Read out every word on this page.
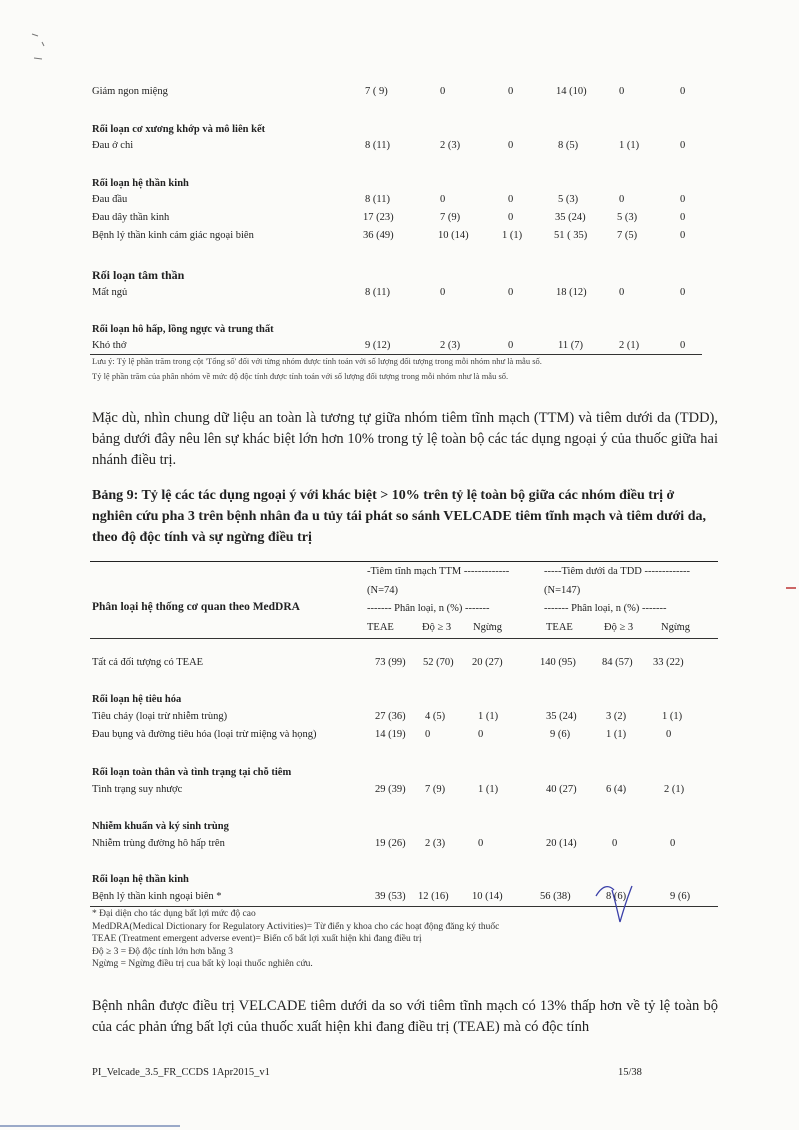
Giảm ngon miệng	7 ( 9)	0	0	14 (10)	0	0
Rối loạn cơ xương khớp và mô liên kết
Đau ở chi	8 (11)	2 (3)	0	8 (5)	1 (1)	0
Rối loạn hệ thần kinh
Đau đầu	8 (11)	0	0	5 (3)	0	0
Đau dây thần kinh	17 (23)	7 (9)	0	35 (24)	5 (3)	0
Bệnh lý thần kinh cảm giác ngoại biên	36 (49)	10 (14)	1 (1)	51 ( 35)	7 (5)	0
Rối loạn tâm thần
Mất ngủ	8 (11)	0	0	18 (12)	0	0
Rối loạn hô hấp, lồng ngực và trung thất
Khó thở	9 (12)	2 (3)	0	11 (7)	2 (1)	0
Lưu ý: Tỷ lệ phần trăm trong cột 'Tổng số' đối với từng nhóm được tính toán với số lượng đối tượng trong mỗi nhóm như là mẫu số.
Tỷ lệ phần trăm của phân nhóm về mức độ độc tính được tính toán với số lượng đối tượng trong mỗi nhóm như là mẫu số.
Mặc dù, nhìn chung dữ liệu an toàn là tương tự giữa nhóm tiêm tĩnh mạch (TTM) và tiêm dưới da (TDD), bảng dưới đây nêu lên sự khác biệt lớn hơn 10% trong tỷ lệ toàn bộ các tác dụng ngoại ý của thuốc giữa hai nhánh điều trị.
Bảng 9: Tỷ lệ các tác dụng ngoại ý với khác biệt > 10% trên tỷ lệ toàn bộ giữa các nhóm điều trị ở nghiên cứu pha 3 trên bệnh nhân đa u tủy tái phát so sánh VELCADE tiêm tĩnh mạch và tiêm dưới da, theo độ độc tính và sự ngừng điều trị
-Tiêm tĩnh mạch TTM -------------	-----Tiêm dưới da TDD -------------
(N=74)	(N=147)
Phân loại hệ thống cơ quan theo MedDRA	------- Phân loại, n (%) -------	------- Phân loại, n (%) -------
TEAE	Độ ≥ 3 Ngừng	TEAE	Độ ≥ 3	Ngừng
Tất cả đối tượng có TEAE	73 (99) 52 (70) 20 (27)	140 (95) 84 (57) 33 (22)
Rối loạn hệ tiêu hóa
Tiêu chảy (loại trừ nhiễm trùng)	27 (36) 4 (5)	1 (1)	35 (24)	3 (2)	1 (1)
Đau bụng và đường tiêu hóa (loại trừ miệng và họng)	14 (19) 0	0	9 (6)	1 (1)	0
Rối loạn toàn thân và tình trạng tại chỗ tiêm
Tình trạng suy nhược	29 (39) 7 (9)	1 (1)	40 (27)	6 (4)	2 (1)
Nhiễm khuẩn và ký sinh trùng
Nhiễm trùng đường hô hấp trên	19 (26) 2 (3)	0	20 (14)	0	0
Rối loạn hệ thần kinh
Bệnh lý thần kinh ngoại biên *	39 (53) 12 (16) 10 (14)	56 (38)	8 (6)	9 (6)
* Đại diện cho tác dụng bất lợi mức độ cao
MedDRA(Medical Dictionary for Regulatory Activities)= Từ điển y khoa cho các hoạt động đăng ký thuốc
TEAE (Treatment emergent adverse event)= Biến cố bất lợi xuất hiện khi đang điều trị
Độ ≥ 3 = Độ độc tính lớn hơn bằng 3
Ngừng = Ngừng điều trị cua bất kỳ loại thuốc nghiên cứu.
Bệnh nhân được điều trị VELCADE tiêm dưới da so với tiêm tĩnh mạch có 13% thấp hơn về tỷ lệ toàn bộ của các phản ứng bất lợi của thuốc xuất hiện khi đang điều trị (TEAE) mà có độc tính
PI_Velcade_3.5_FR_CCDS 1Apr2015_v1	15/38
